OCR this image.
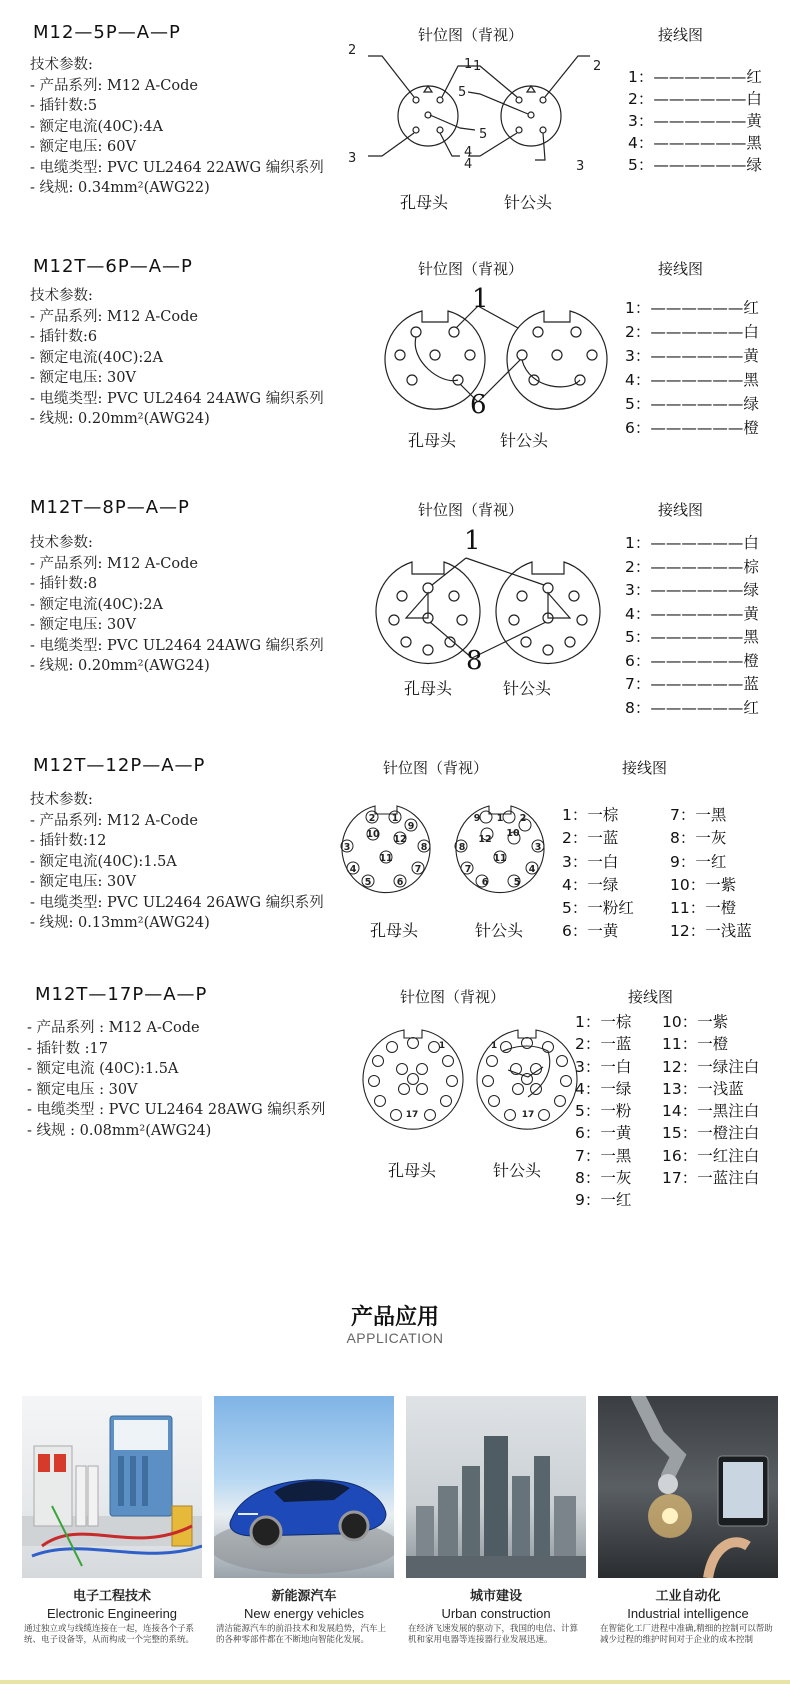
M12—5P—A—P
技术参数:
- 产品系列: M12 A-Code
- 插针数:5
- 额定电流(40C):4A
- 额定电压: 60V
- 电缆类型: PVC UL2464 22AWG 编织系列
- 线规: 0.34mm²(AWG22)
针位图（背视）	接线图
2
1
5
3	4
1	2
5
4
3
孔母头	针公头
1：——————红
2：——————白
3：——————黄
4：——————黑
5：——————绿
M12T—6P—A—P
技术参数:
- 产品系列: M12 A-Code
- 插针数:6
- 额定电流(40C):2A
- 额定电压: 30V
- 电缆类型: PVC UL2464 24AWG 编织系列
- 线规: 0.20mm²(AWG24)
针位图（背视）	接线图
1
6
孔母头	针公头
1：——————红
2：——————白
3：——————黄
4：——————黑
5：——————绿
6：——————橙
M12T—8P—A—P
技术参数:
- 产品系列: M12 A-Code
- 插针数:8
- 额定电流(40C):2A
- 额定电压: 30V
- 电缆类型: PVC UL2464 24AWG 编织系列
- 线规: 0.20mm²(AWG24)
针位图（背视）	接线图
1
8
孔母头	针公头
1：——————白
2：——————棕
3：——————绿
4：——————黄
5：——————黑
6：——————橙
7：——————蓝
8：——————红
M12T—12P—A—P
技术参数:
- 产品系列: M12 A-Code
- 插针数:12
- 额定电流(40C):1.5A
- 额定电压: 30V
- 电缆类型: PVC UL2464 26AWG 编织系列
- 线规: 0.13mm²(AWG24)
针位图（背视）	接线图
2 1
9
10 12
3	8
11
4	7
5	6
9 1 2
12
10
8	3
11
7	4
6	5
孔母头	针公头
1：一棕
2：一蓝
3：一白
4：一绿
5：一粉红
6：一黄
7：一黑
8：一灰
9：一红
10：一紫
11：一橙
12：一浅蓝
M12T—17P—A—P
- 产品系列 : M12 A-Code
- 插针数 :17
- 额定电流 (40C):1.5A
- 额定电压 : 30V
- 电缆类型 : PVC UL2464 28AWG 编织系列
- 线规 : 0.08mm²(AWG24)
针位图（背视）	接线图
1
17
1
17
孔母头	针公头
1：一棕
2：一蓝
3：一白
4：一绿
5：一粉
6：一黄
7：一黑
8：一灰
9：一红
10：一紫
11：一橙
12：一绿注白
13：一浅蓝
14：一黑注白
15：一橙注白
16：一红注白
17：一蓝注白
产品应用
APPLICATION
电子工程技术
Electronic Engineering
通过独立或与线缆连接在一起，连接各个子系统、电子设备等，从而构成一个完整的系统。
新能源汽车
New energy vehicles
清洁能源汽车的前沿技术和发展趋势，汽车上的各种零部件都在不断地向智能化发展。
城市建设
Urban construction
在经济飞速发展的驱动下，我国的电信、计算机和家用电器等连接器行业发展迅速。
工业自动化
Industrial intelligence
在智能化工厂进程中准确,精细的控制可以帮助减少过程的维护时间对于企业的成本控制
